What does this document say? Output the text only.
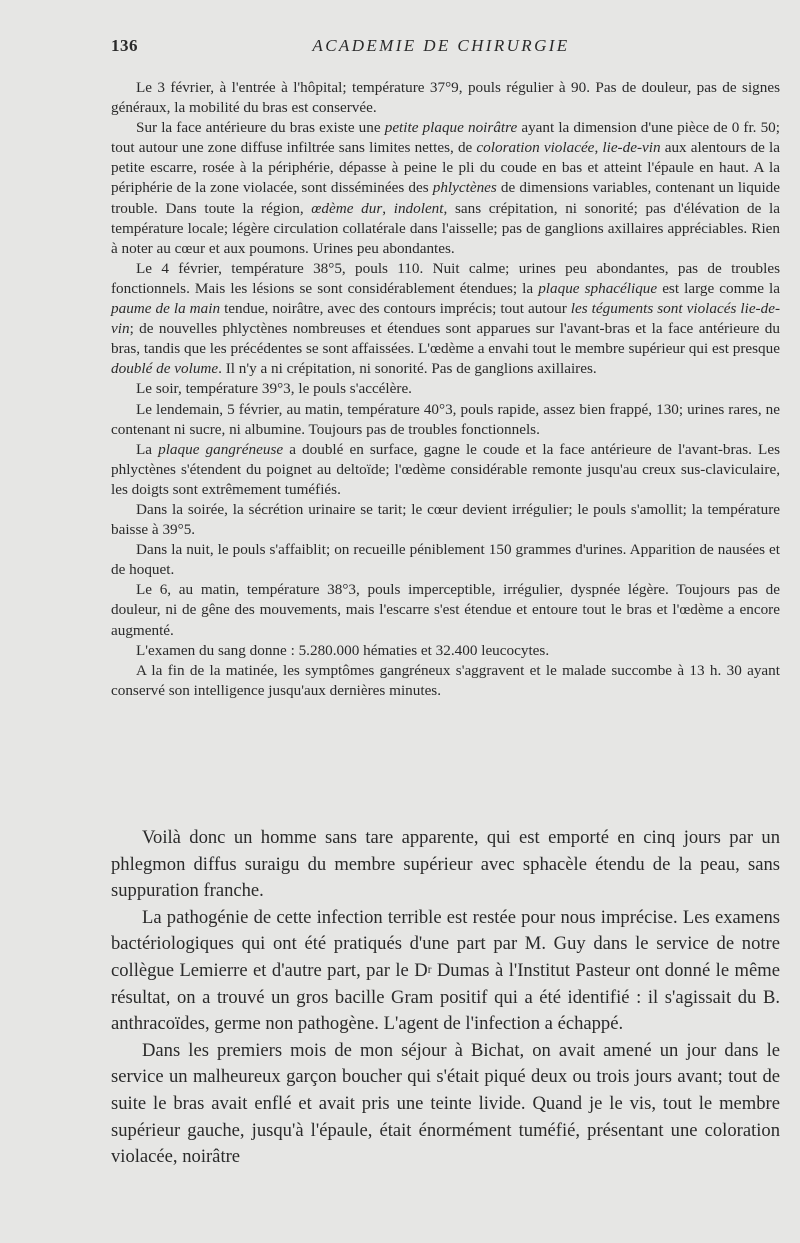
136	ACADEMIE DE CHIRURGIE

Le 3 février, à l'entrée à l'hôpital; température 37°9, pouls régulier à 90. Pas de douleur, pas de signes généraux, la mobilité du bras est conservée.

Sur la face antérieure du bras existe une petite plaque noirâtre ayant la dimension d'une pièce de 0 fr. 50; tout autour une zone diffuse infiltrée sans limites nettes, de coloration violacée, lie-de-vin aux alentours de la petite escarre, rosée à la périphérie, dépasse à peine le pli du coude en bas et atteint l'épaule en haut. A la périphérie de la zone violacée, sont disséminées des phlyctènes de dimensions variables, contenant un liquide trouble. Dans toute la région, œdème dur, indolent, sans crépitation, ni sonorité; pas d'élévation de la température locale; légère circulation collatérale dans l'aisselle; pas de ganglions axillaires appréciables. Rien à noter au cœur et aux poumons. Urines peu abondantes.

Le 4 février, température 38°5, pouls 110. Nuit calme; urines peu abondantes, pas de troubles fonctionnels. Mais les lésions se sont considérablement étendues; la plaque sphacélique est large comme la paume de la main tendue, noirâtre, avec des contours imprécis; tout autour les téguments sont violacés lie-de-vin; de nouvelles phlyctènes nombreuses et étendues sont apparues sur l'avant-bras et la face antérieure du bras, tandis que les précédentes se sont affaissées. L'œdème a envahi tout le membre supérieur qui est presque doublé de volume. Il n'y a ni crépitation, ni sonorité. Pas de ganglions axillaires.

Le soir, température 39°3, le pouls s'accélère.

Le lendemain, 5 février, au matin, température 40°3, pouls rapide, assez bien frappé, 130; urines rares, ne contenant ni sucre, ni albumine. Toujours pas de troubles fonctionnels.

La plaque gangréneuse a doublé en surface, gagne le coude et la face antérieure de l'avant-bras. Les phlyctènes s'étendent du poignet au deltoïde; l'œdème considérable remonte jusqu'au creux sus-claviculaire, les doigts sont extrêmement tuméfiés.

Dans la soirée, la sécrétion urinaire se tarit; le cœur devient irrégulier; le pouls s'amollit; la température baisse à 39°5.

Dans la nuit, le pouls s'affaiblit; on recueille péniblement 150 grammes d'urines. Apparition de nausées et de hoquet.

Le 6, au matin, température 38°3, pouls imperceptible, irrégulier, dyspnée légère. Toujours pas de douleur, ni de gêne des mouvements, mais l'escarre s'est étendue et entoure tout le bras et l'œdème a encore augmenté.

L'examen du sang donne : 5.280.000 hématies et 32.400 leucocytes.

A la fin de la matinée, les symptômes gangréneux s'aggravent et le malade succombe à 13 h. 30 ayant conservé son intelligence jusqu'aux dernières minutes.

Voilà donc un homme sans tare apparente, qui est emporté en cinq jours par un phlegmon diffus suraigu du membre supérieur avec sphacèle étendu de la peau, sans suppuration franche.

La pathogénie de cette infection terrible est restée pour nous imprécise. Les examens bactériologiques qui ont été pratiqués d'une part par M. Guy dans le service de notre collègue Lemierre et d'autre part, par le $D^r$ Dumas à l'Institut Pasteur ont donné le même résultat, on a trouvé un gros bacille Gram positif qui a été identifié : il s'agissait du B. anthracoïdes, germe non pathogène. L'agent de l'infection a échappé.

Dans les premiers mois de mon séjour à Bichat, on avait amené un jour dans le service un malheureux garçon boucher qui s'était piqué deux ou trois jours avant; tout de suite le bras avait enflé et avait pris une teinte livide. Quand je le vis, tout le membre supérieur gauche, jusqu'à l'épaule, était énormément tuméfié, présentant une coloration violacée, noirâtre
